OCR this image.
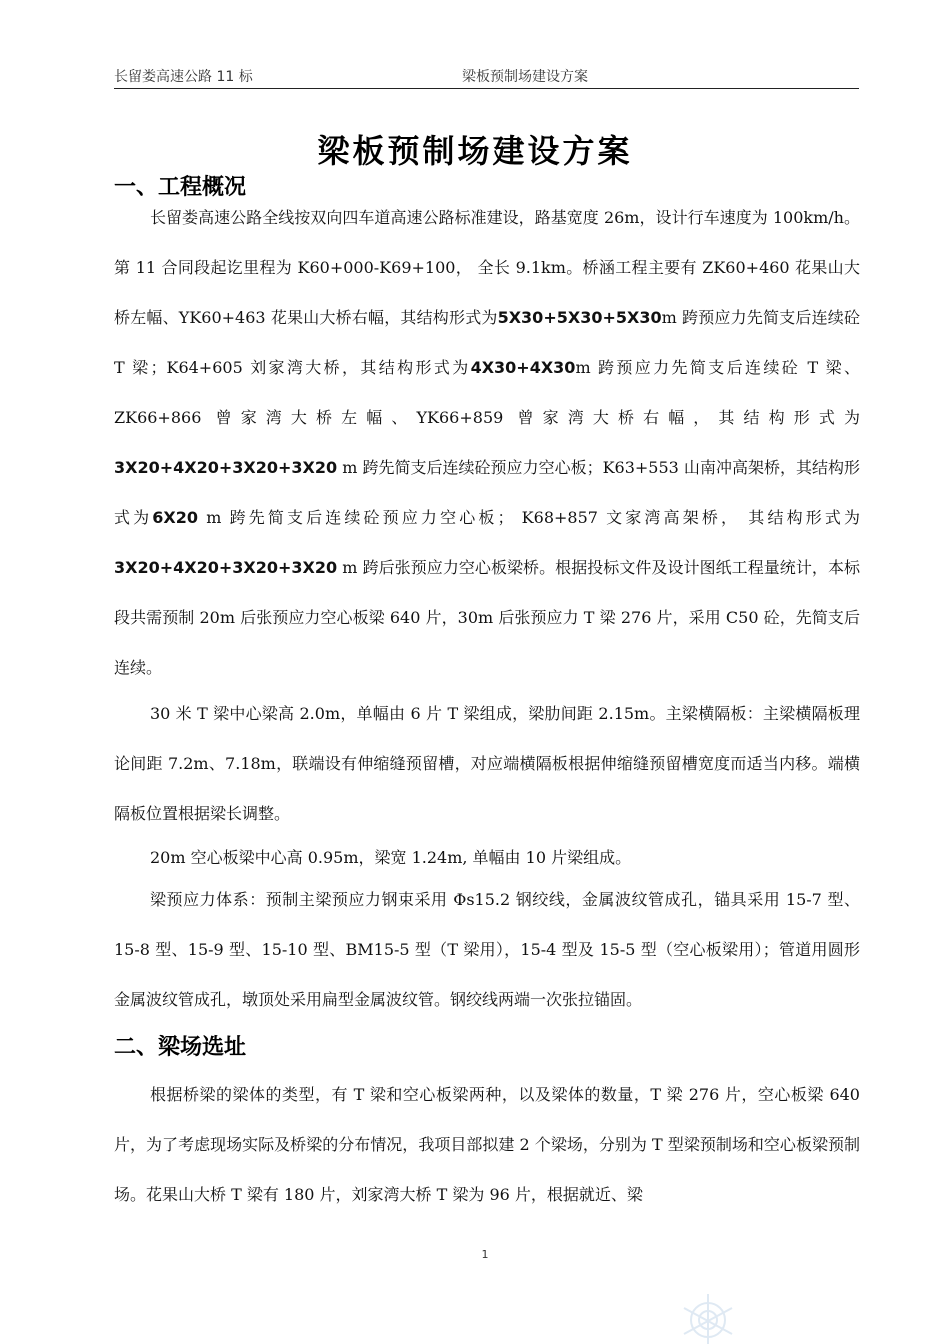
长留娄高速公路 11 标	梁板预制场建设方案
梁板预制场建设方案
一、工程概况

长留娄高速公路全线按双向四车道高速公路标准建设，路基宽度 26m，设计行车速度为 100km/h。第 11 合同段起讫里程为 K60+000-K69+100， 全长 9.1km。桥涵工程主要有 ZK60+460 花果山大桥左幅、YK60+463 花果山大桥右幅，其结构形式为5X30+5X30+5X30m 跨预应力先简支后连续砼 T 梁；K64+605 刘家湾大桥，其结构形式为4X30+4X30m 跨预应力先简支后连续砼 T 梁、ZK66+866 曾家湾大桥左幅、YK66+859 曾家湾大桥右幅，其结构形式为3X20+4X20+3X20+3X20 m 跨先简支后连续砼预应力空心板；K63+553 山南冲高架桥，其结构形式为6X20 m 跨先简支后连续砼预应力空心板； K68+857 文家湾高架桥， 其结构形式为3X20+4X20+3X20+3X20 m 跨后张预应力空心板梁桥。根据投标文件及设计图纸工程量统计，本标段共需预制 20m 后张预应力空心板梁 640 片，30m 后张预应力 T 梁 276 片，采用 C50 砼，先简支后连续。

30 米 T 梁中心梁高 2.0m，单幅由 6 片 T 梁组成，梁肋间距 2.15m。主梁横隔板：主梁横隔板理论间距 7.2m、7.18m，联端设有伸缩缝预留槽，对应端横隔板根据伸缩缝预留槽宽度而适当内移。端横隔板位置根据梁长调整。

20m 空心板梁中心高 0.95m，梁宽 1.24m, 单幅由 10 片梁组成。

梁预应力体系：预制主梁预应力钢束采用 Φs15.2 钢绞线，金属波纹管成孔，锚具采用 15-7 型、15-8 型、15-9 型、15-10 型、BM15-5 型（T 梁用），15-4 型及 15-5 型（空心板梁用）；管道用圆形金属波纹管成孔，墩顶处采用扁型金属波纹管。钢绞线两端一次张拉锚固。

二、梁场选址

根据桥梁的梁体的类型，有 T 梁和空心板梁两种，以及梁体的数量，T 梁 276 片，空心板梁 640 片，为了考虑现场实际及桥梁的分布情况，我项目部拟建 2 个梁场，分别为 T 型梁预制场和空心板梁预制场。花果山大桥 T 梁有 180 片，刘家湾大桥 T 梁为 96 片，根据就近、梁

1
